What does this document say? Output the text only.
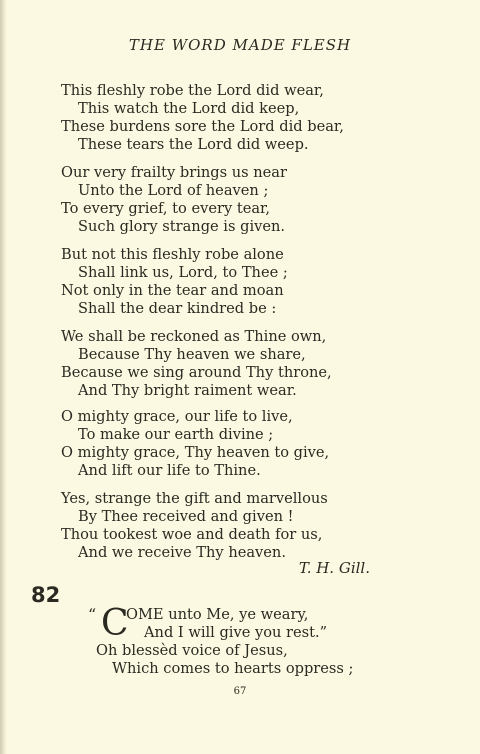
THE WORD MADE FLESH
This fleshly robe the Lord did wear,
This watch the Lord did keep,
These burdens sore the Lord did bear,
These tears the Lord did weep.
Our very frailty brings us near
Unto the Lord of heaven ;
To every grief, to every tear,
Such glory strange is given.
But not this fleshly robe alone
Shall link us, Lord, to Thee ;
Not only in the tear and moan
Shall the dear kindred be :
We shall be reckoned as Thine own,
Because Thy heaven we share,
Because we sing around Thy throne,
And Thy bright raiment wear.
O mighty grace, our life to live,
To make our earth divine ;
O mighty grace, Thy heaven to give,
And lift our life to Thine.
Yes, strange the gift and marvellous
By Thee received and given !
Thou tookest woe and death for us,
And we receive Thy heaven.
T. H. Gill.
82
“ C
OME unto Me, ye weary,
And I will give you rest.”
Oh blessèd voice of Jesus,
Which comes to hearts oppress ;
67
